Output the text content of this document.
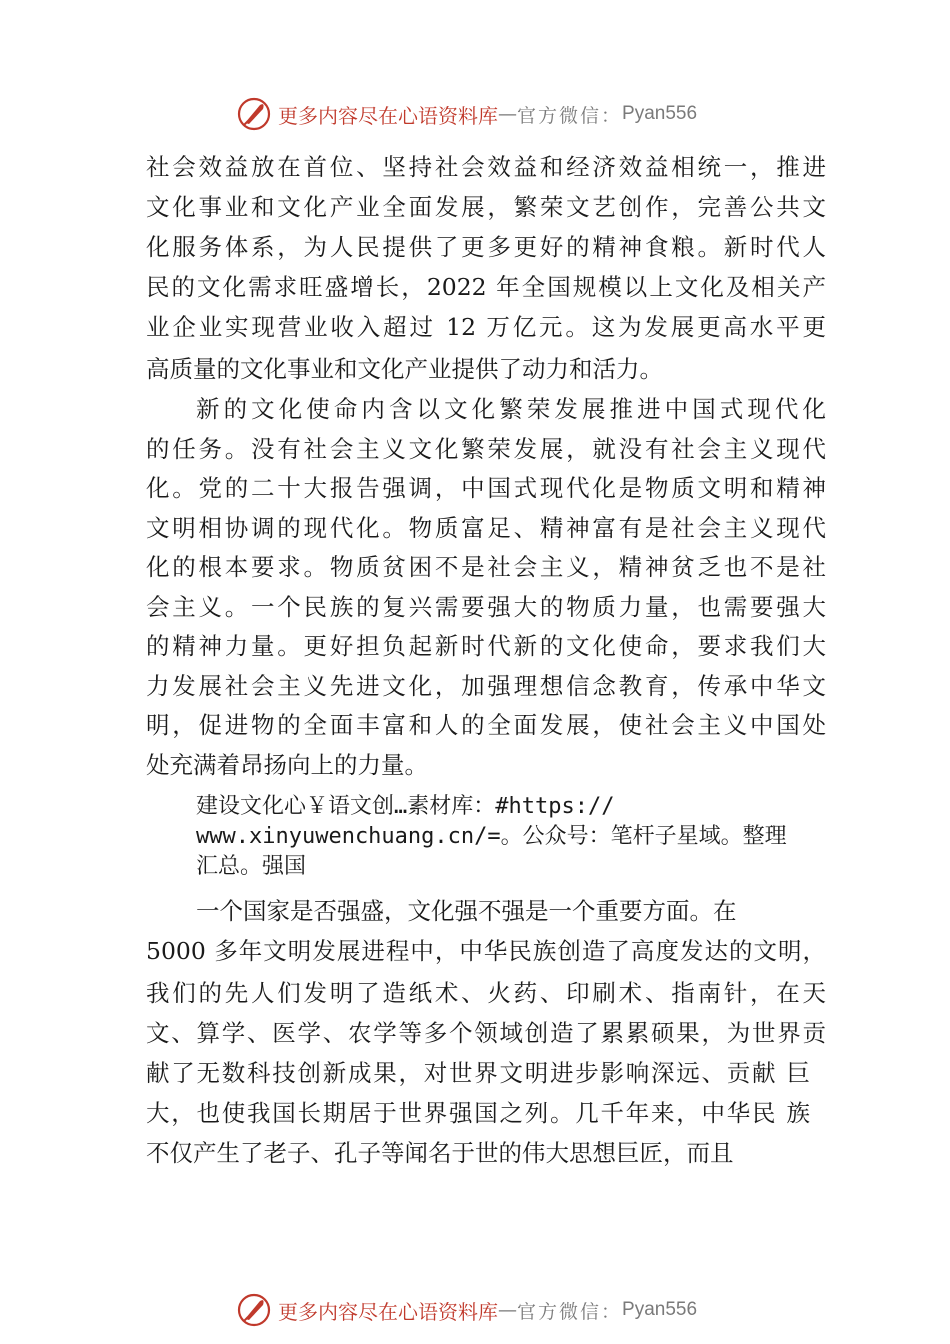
更多内容尽在心语资料库 — 官方微信： Pyan556
社会效益放在首位、坚持社会效益和经济效益相统一，推进
文化事业和文化产业全面发展，繁荣文艺创作，完善公共文
化服务体系，为人民提供了更多更好的精神食粮。新时代人
民的文化需求旺盛增长，2022 年全国规模以上文化及相关产
业企业实现营业收入超过 12 万亿元。这为发展更高水平更
高质量的文化事业和文化产业提供了动力和活力。
新的文化使命内含以文化繁荣发展推进中国式现代化
的任务。没有社会主义文化繁荣发展，就没有社会主义现代
化。党的二十大报告强调，中国式现代化是物质文明和精神
文明相协调的现代化。物质富足、精神富有是社会主义现代
化的根本要求。物质贫困不是社会主义，精神贫乏也不是社
会主义。一个民族的复兴需要强大的物质力量，也需要强大
的精神力量。更好担负起新时代新的文化使命，要求我们大
力发展社会主义先进文化，加强理想信念教育，传承中华文
明，促进物的全面丰富和人的全面发展，使社会主义中国处
处充满着昂扬向上的力量。
建设文化心￥语文创…素材库：#https://
www.xinyuwenchuang.cn/=。公众号：笔杆子星域。整理
汇总。强国
一个国家是否强盛，文化强不强是一个重要方面。在
5000 多年文明发展进程中，中华民族创造了高度发达的文明，
我们的先人们发明了造纸术、火药、印刷术、指南针，在天
文、算学、医学、农学等多个领域创造了累累硕果，为世界贡
献了无数科技创新成果，对世界文明进步影响深远、贡献 巨
大，也使我国长期居于世界强国之列。几千年来，中华民 族
不仅产生了老子、孔子等闻名于世的伟大思想巨匠，而且
更多内容尽在心语资料库 — 官方微信： Pyan556
